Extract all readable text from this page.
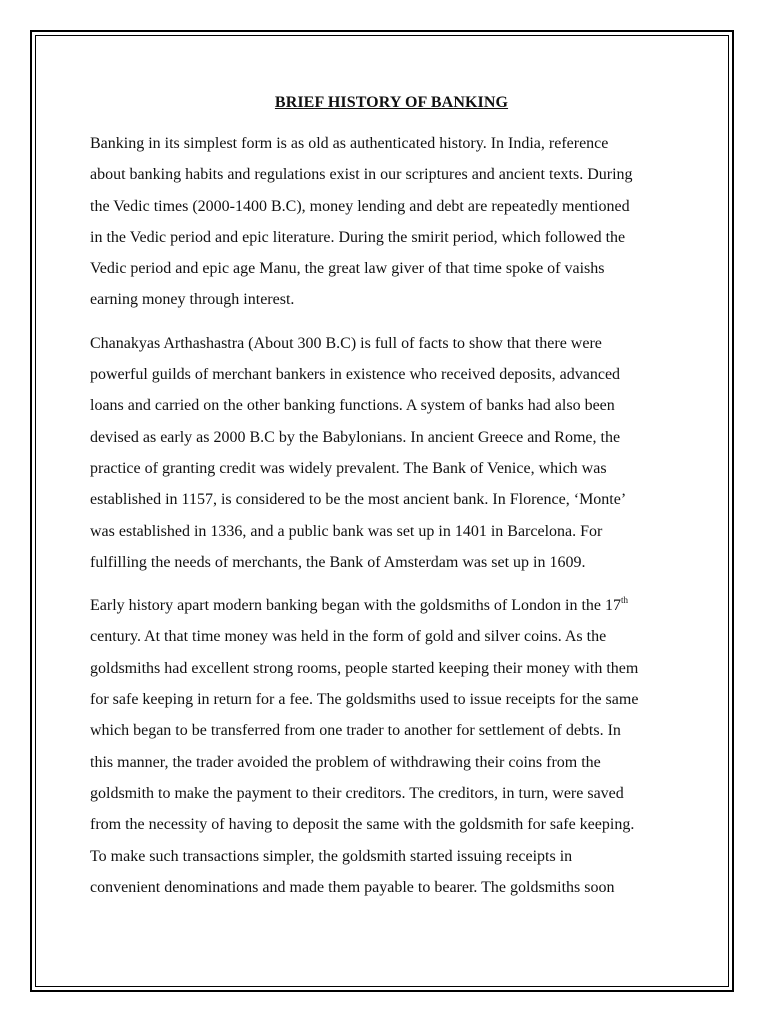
BRIEF HISTORY OF BANKING
Banking in its simplest form is as old as authenticated history. In India, reference
about banking habits and regulations exist in our scriptures and ancient texts. During
the Vedic times (2000-1400 B.C), money lending and debt are repeatedly mentioned
in the Vedic period and epic literature. During the smirit period, which followed the
Vedic period and epic age Manu, the great law giver of that time spoke of vaishs
earning money through interest.
Chanakyas Arthashastra (About 300 B.C) is full of facts to show that there were
powerful guilds of merchant bankers in existence who received deposits, advanced
loans and carried on the other banking functions. A system of banks had also been
devised as early as 2000 B.C by the Babylonians. In ancient Greece and Rome, the
practice of granting credit was widely prevalent. The Bank of Venice, which was
established in 1157, is considered to be the most ancient bank. In Florence, ‘Monte’
was established in 1336, and a public bank was set up in 1401 in Barcelona. For
fulfilling the needs of merchants, the Bank of Amsterdam was set up in 1609.
Early history apart modern banking began with the goldsmiths of London in the 17th
century. At that time money was held in the form of gold and silver coins. As the
goldsmiths had excellent strong rooms, people started keeping their money with them
for safe keeping in return for a fee. The goldsmiths used to issue receipts for the same
which began to be transferred from one trader to another for settlement of debts. In
this manner, the trader avoided the problem of withdrawing their coins from the
goldsmith to make the payment to their creditors. The creditors, in turn, were saved
from the necessity of having to deposit the same with the goldsmith for safe keeping.
To make such transactions simpler, the goldsmith started issuing receipts in
convenient denominations and made them payable to bearer. The goldsmiths soon
